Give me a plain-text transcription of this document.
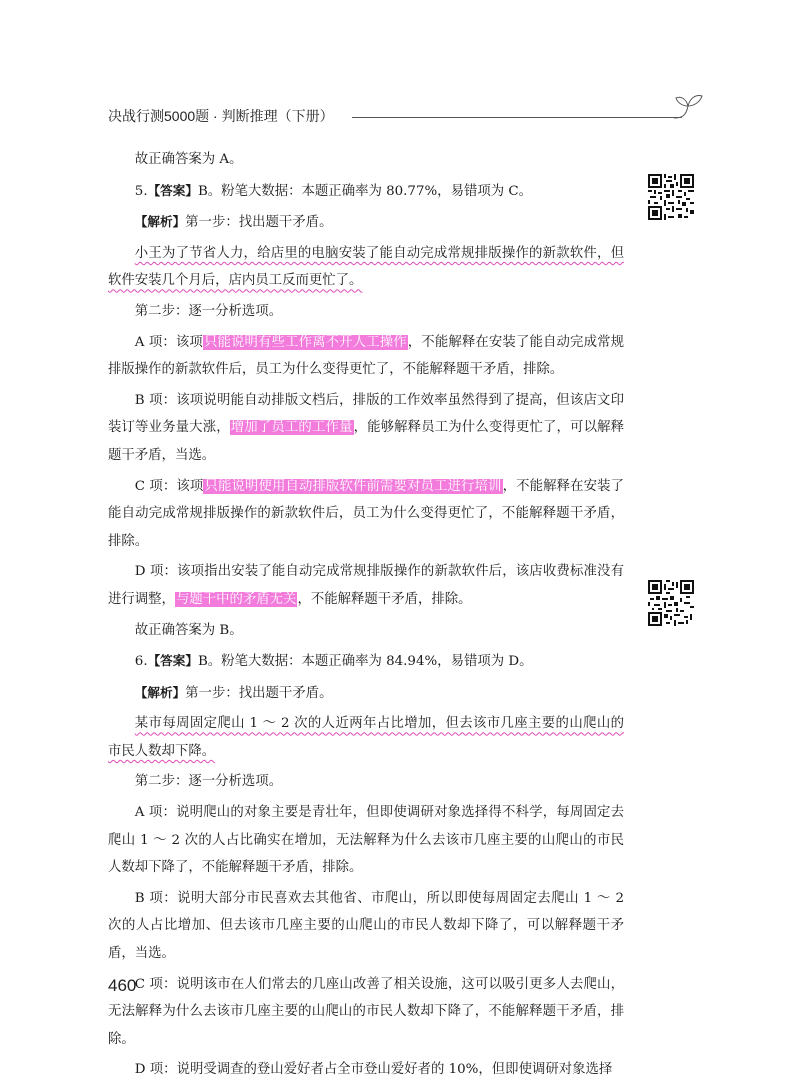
决战行测5000题 · 判断推理（下册）

故正确答案为 A。

5.【答案】B。粉笔大数据：本题正确率为 80.77%，易错项为 C。

【解析】第一步：找出题干矛盾。

小王为了节省人力，给店里的电脑安装了能自动完成常规排版操作的新款软件，但软件安装几个月后，店内员工反而更忙了。

第二步：逐一分析选项。

A 项：该项只能说明有些工作离不开人工操作，不能解释在安装了能自动完成常规排版操作的新款软件后，员工为什么变得更忙了，不能解释题干矛盾，排除。

B 项：该项说明能自动排版文档后，排版的工作效率虽然得到了提高，但该店文印装订等业务量大涨，增加了员工的工作量，能够解释员工为什么变得更忙了，可以解释题干矛盾，当选。

C 项：该项只能说明使用自动排版软件前需要对员工进行培训，不能解释在安装了能自动完成常规排版操作的新款软件后，员工为什么变得更忙了，不能解释题干矛盾，排除。

D 项：该项指出安装了能自动完成常规排版操作的新款软件后，该店收费标准没有进行调整，与题干中的矛盾无关，不能解释题干矛盾，排除。

故正确答案为 B。

6.【答案】B。粉笔大数据：本题正确率为 84.94%，易错项为 D。

【解析】第一步：找出题干矛盾。

某市每周固定爬山 1 ～ 2 次的人近两年占比增加，但去该市几座主要的山爬山的市民人数却下降。

第二步：逐一分析选项。

A 项：说明爬山的对象主要是青壮年，但即使调研对象选择得不科学，每周固定去爬山 1 ～ 2 次的人占比确实在增加，无法解释为什么去该市几座主要的山爬山的市民人数却下降了，不能解释题干矛盾，排除。

B 项：说明大部分市民喜欢去其他省、市爬山，所以即使每周固定去爬山 1 ～ 2 次的人占比增加、但去该市几座主要的山爬山的市民人数却下降了，可以解释题干矛盾，当选。

C 项：说明该市在人们常去的几座山改善了相关设施，这可以吸引更多人去爬山，无法解释为什么去该市几座主要的山爬山的市民人数却下降了，不能解释题干矛盾，排除。

D 项：说明受调查的登山爱好者占全市登山爱好者的 10%，但即使调研对象选择

460
